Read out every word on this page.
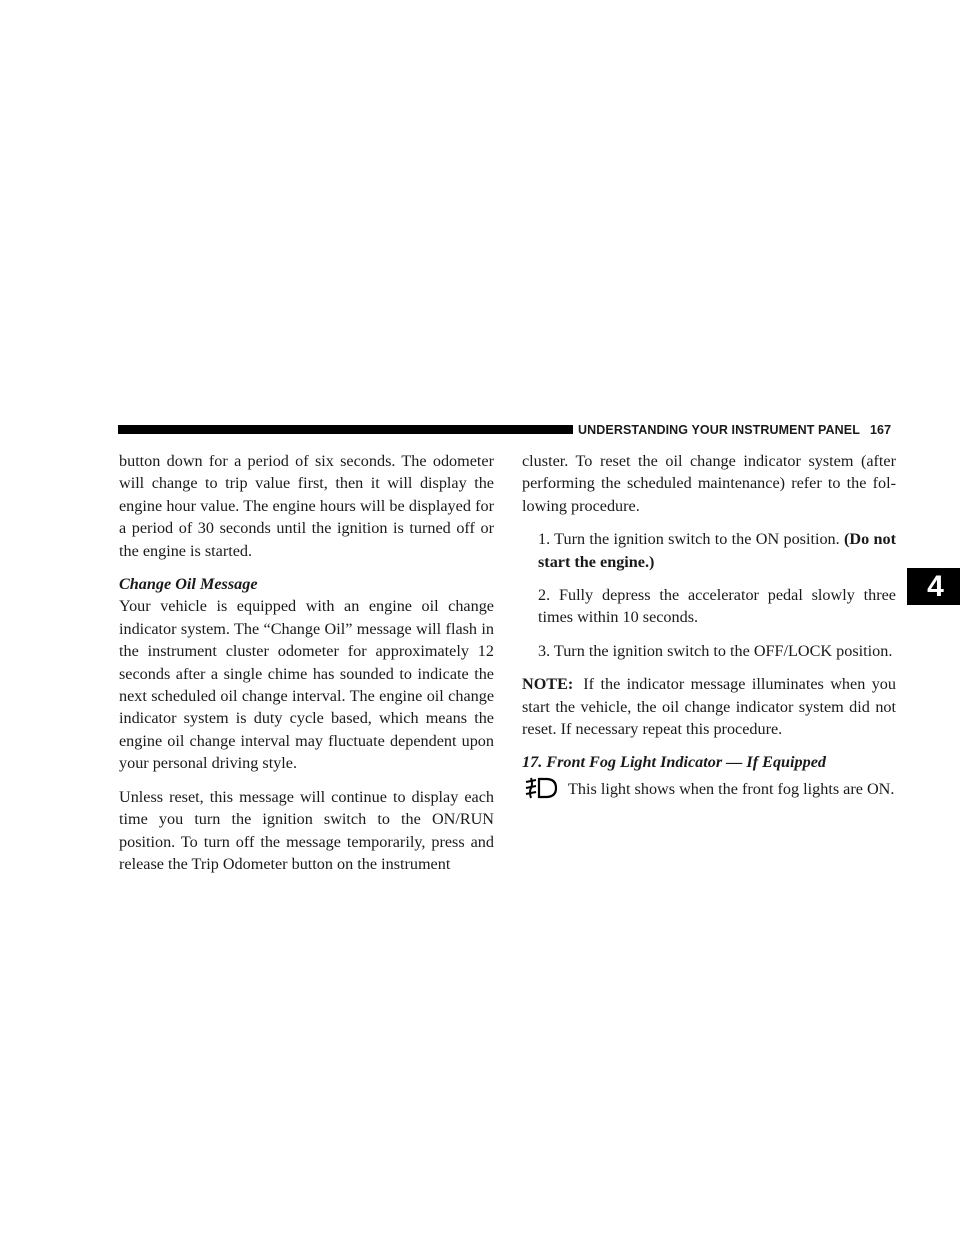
UNDERSTANDING YOUR INSTRUMENT PANEL 167
4

button down for a period of six seconds. The odometer will change to trip value first, then it will display the engine hour value. The engine hours will be displayed for a period of 30 seconds until the ignition is turned off or the engine is started.

Change Oil Message

Your vehicle is equipped with an engine oil change indicator system. The “Change Oil” message will flash in the instrument cluster odometer for approximately 12 seconds after a single chime has sounded to indicate the next scheduled oil change interval. The engine oil change indicator system is duty cycle based, which means the engine oil change interval may fluctuate dependent upon your personal driving style.

Unless reset, this message will continue to display each time you turn the ignition switch to the ON/RUN position. To turn off the message temporarily, press and release the Trip Odometer button on the instrument

cluster. To reset the oil change indicator system (after performing the scheduled maintenance) refer to the fol-lowing procedure.

1. Turn the ignition switch to the ON position. (Do not start the engine.)

2. Fully depress the accelerator pedal slowly three times within 10 seconds.

3. Turn the ignition switch to the OFF/LOCK position.

NOTE: If the indicator message illuminates when you start the vehicle, the oil change indicator system did not reset. If necessary repeat this procedure.

17. Front Fog Light Indicator — If Equipped

This light shows when the front fog lights are ON.
